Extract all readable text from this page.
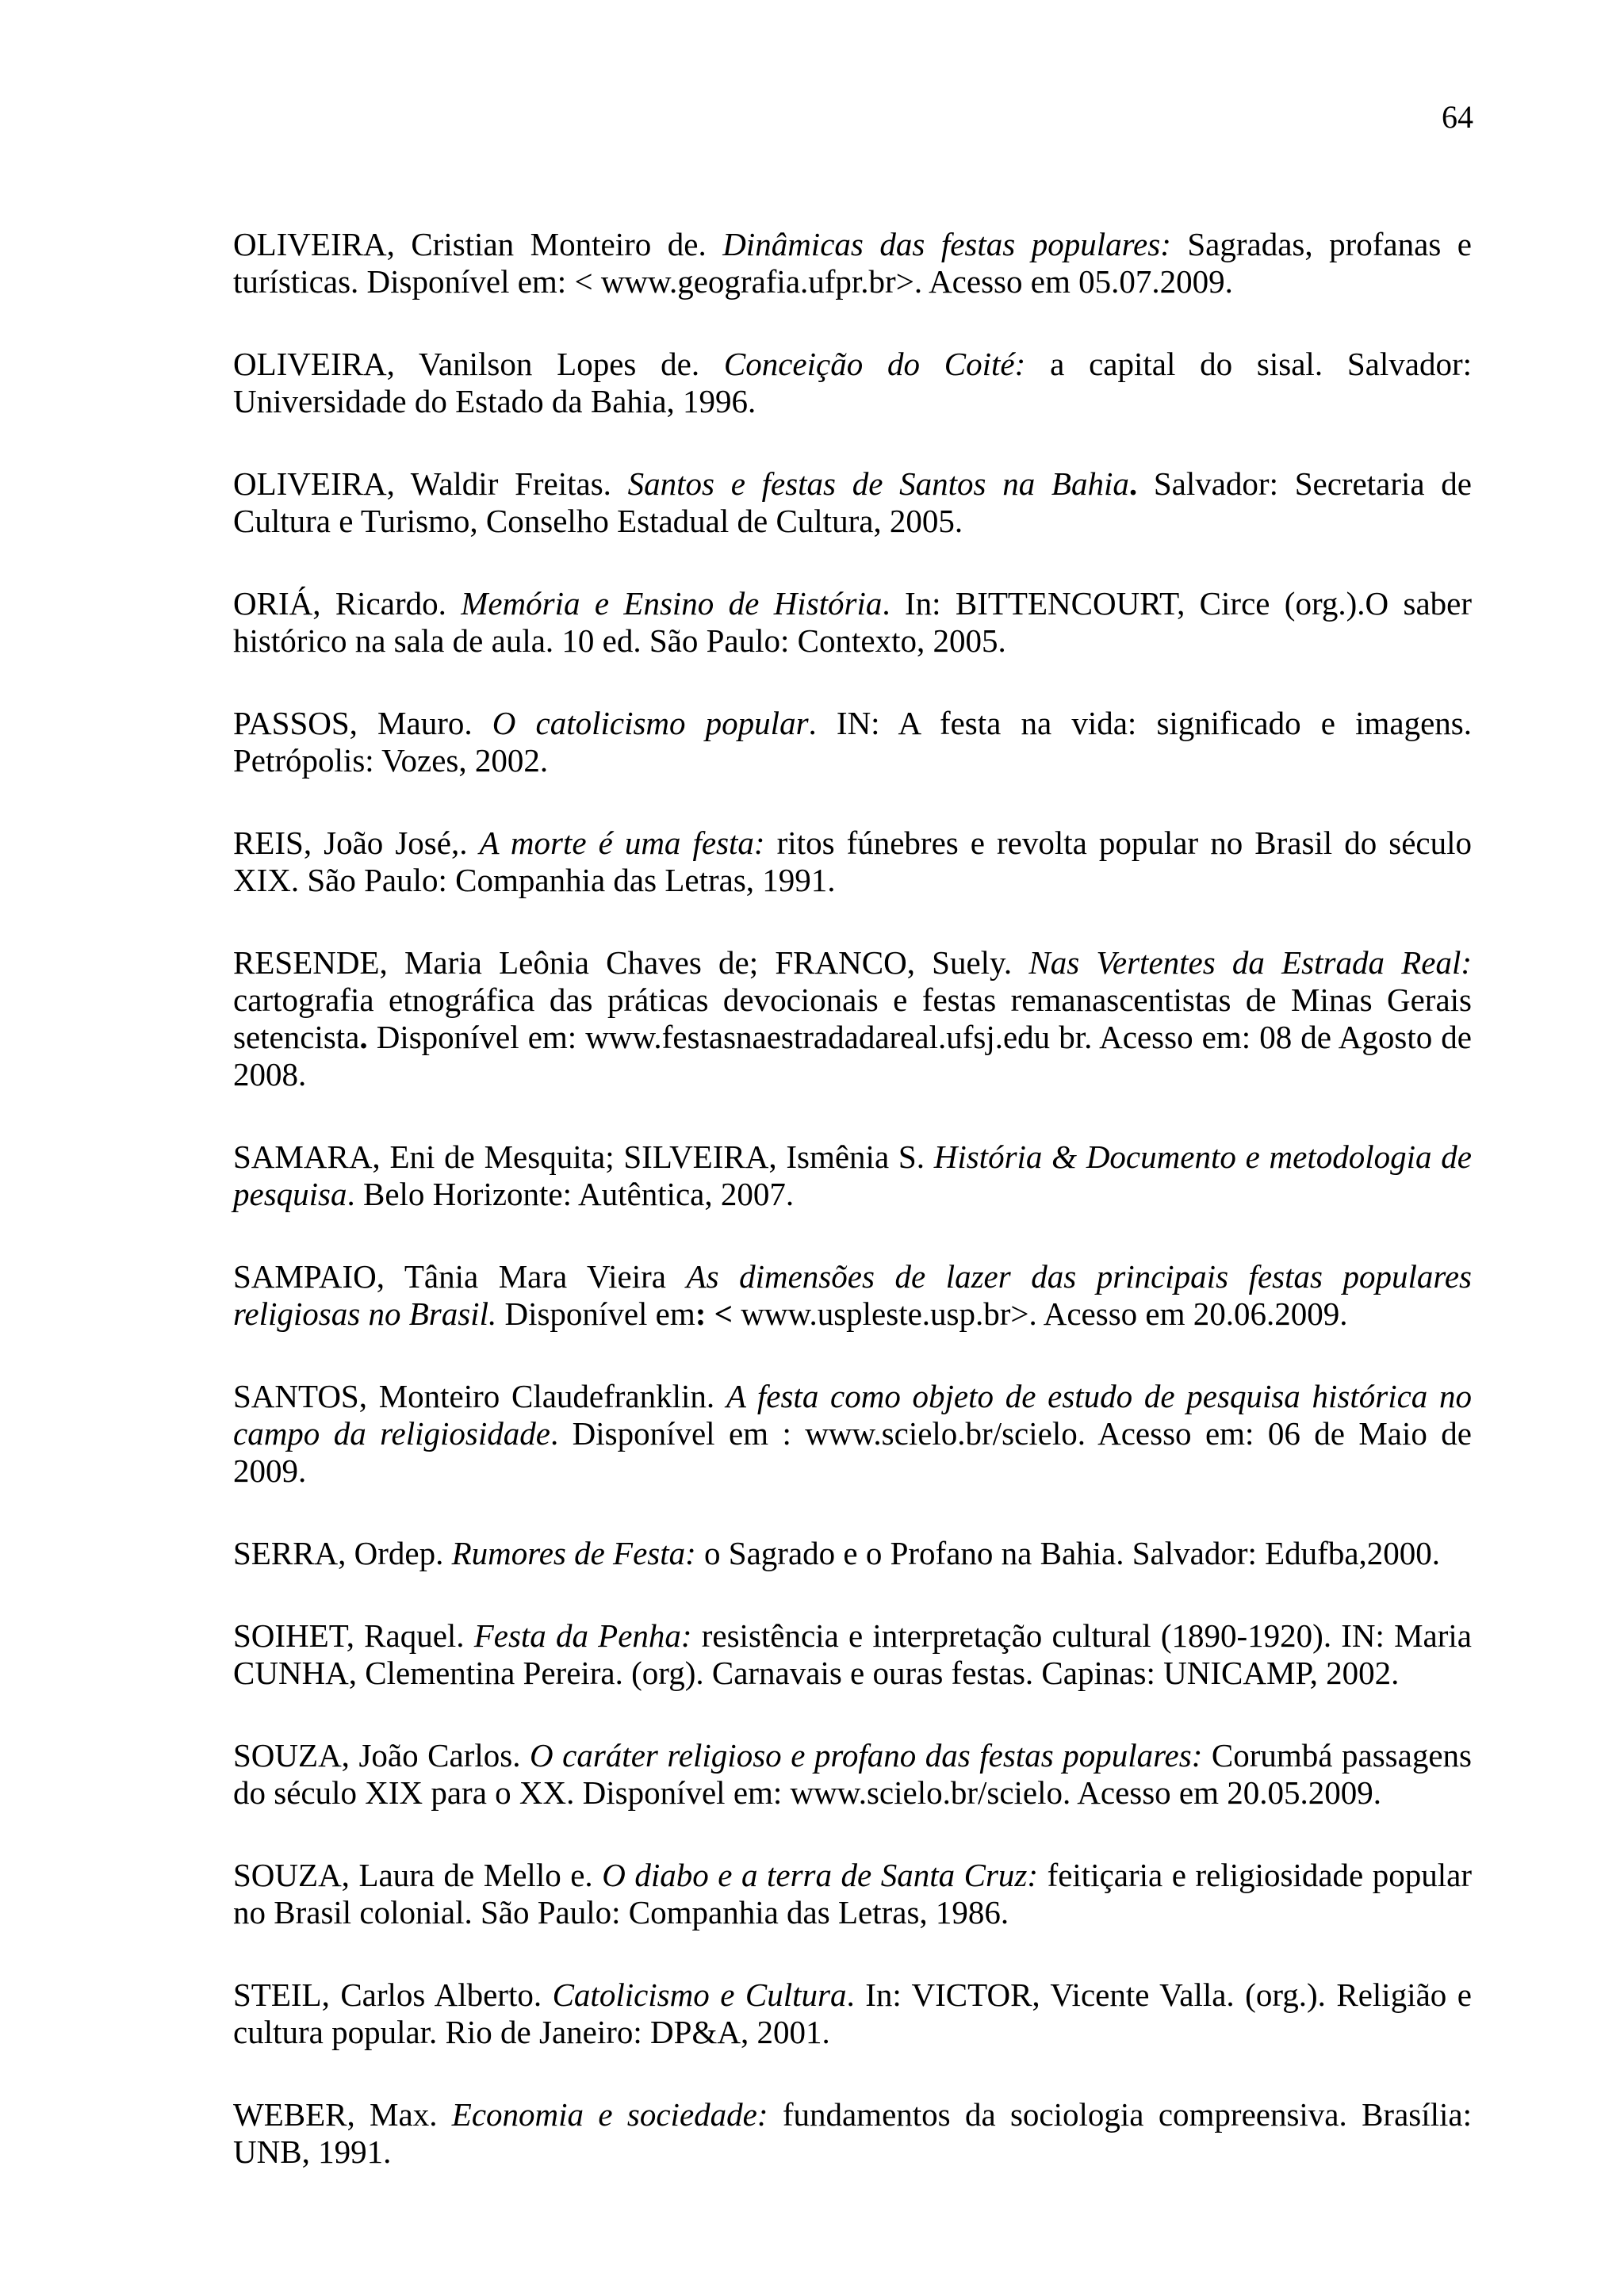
64

OLIVEIRA, Cristian Monteiro de. Dinâmicas das festas populares: Sagradas, profanas e turísticas. Disponível em: < www.geografia.ufpr.br>. Acesso em 05.07.2009.

OLIVEIRA, Vanilson Lopes de. Conceição do Coité: a capital do sisal. Salvador: Universidade do Estado da Bahia, 1996.

OLIVEIRA, Waldir Freitas. Santos e festas de Santos na Bahia. Salvador: Secretaria de Cultura e Turismo, Conselho Estadual de Cultura, 2005.

ORIÁ, Ricardo. Memória e Ensino de História. In: BITTENCOURT, Circe (org.).O saber histórico na sala de aula. 10 ed. São Paulo: Contexto, 2005.

PASSOS, Mauro. O catolicismo popular. IN: A festa na vida: significado e imagens. Petrópolis: Vozes, 2002.

REIS, João José,. A morte é uma festa: ritos fúnebres e revolta popular no Brasil do século XIX. São Paulo: Companhia das Letras, 1991.

RESENDE, Maria Leônia Chaves de; FRANCO, Suely. Nas Vertentes da Estrada Real: cartografia etnográfica das práticas devocionais e festas remanascentistas de Minas Gerais setencista. Disponível em: www.festasnaestradadareal.ufsj.edu br. Acesso em: 08 de Agosto de 2008.

SAMARA, Eni de Mesquita; SILVEIRA, Ismênia S. História & Documento e metodologia de pesquisa. Belo Horizonte: Autêntica, 2007.

SAMPAIO, Tânia Mara Vieira As dimensões de lazer das principais festas populares religiosas no Brasil. Disponível em: < www.uspleste.usp.br>. Acesso em 20.06.2009.

SANTOS, Monteiro Claudefranklin. A festa como objeto de estudo de pesquisa histórica no campo da religiosidade. Disponível em : www.scielo.br/scielo. Acesso em: 06 de Maio de 2009.

SERRA, Ordep. Rumores de Festa: o Sagrado e o Profano na Bahia. Salvador: Edufba,2000.

SOIHET, Raquel. Festa da Penha: resistência e interpretação cultural (1890-1920). IN: Maria CUNHA, Clementina Pereira. (org). Carnavais e ouras festas. Capinas: UNICAMP, 2002.

SOUZA, João Carlos. O caráter religioso e profano das festas populares: Corumbá passagens do século XIX para o XX. Disponível em: www.scielo.br/scielo. Acesso em 20.05.2009.

SOUZA, Laura de Mello e. O diabo e a terra de Santa Cruz: feitiçaria e religiosidade popular no Brasil colonial. São Paulo: Companhia das Letras, 1986.

STEIL, Carlos Alberto. Catolicismo e Cultura. In: VICTOR, Vicente Valla. (org.). Religião e cultura popular. Rio de Janeiro: DP&A, 2001.

WEBER, Max. Economia e sociedade: fundamentos da sociologia compreensiva. Brasília: UNB, 1991.
